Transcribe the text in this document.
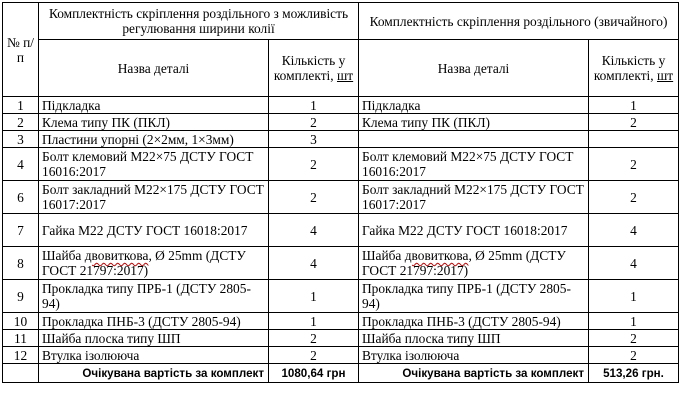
№ п/п	Комплектність скріплення роздільного з можливість регулювання ширини колії		Комплектність скріплення роздільного (звичайного)	
	Назва деталі	Кількість у комплекті, шт	Назва деталі	Кількість у комплекті, шт
1	Підкладка	1	Підкладка	1
2	Клема типу ПК (ПКЛ)	2	Клема типу ПК (ПКЛ)	2
3	Пластини упорні (2×2мм, 1×3мм)	3		
4	Болт клемовий М22×75 ДСТУ ГОСТ 16016:2017	2	Болт клемовий М22×75 ДСТУ ГОСТ 16016:2017	2
6	Болт закладний М22×175 ДСТУ ГОСТ 16017:2017	2	Болт закладний М22×175 ДСТУ ГОСТ 16017:2017	2
7	Гайка М22 ДСТУ ГОСТ 16018:2017	4	Гайка М22 ДСТУ ГОСТ 16018:2017	4
8	Шайба двовиткова, Ø 25mm (ДСТУ ГОСТ 21797:2017)	4	Шайба двовиткова, Ø 25mm (ДСТУ ГОСТ 21797:2017)	4
9	Прокладка типу ПРБ-1 (ДСТУ 2805-94)	1	Прокладка типу ПРБ-1 (ДСТУ 2805-94)	1
10	Прокладка ПНБ-3 (ДСТУ 2805-94)	1	Прокладка ПНБ-3 (ДСТУ 2805-94)	1
11	Шайба плоска типу ШП	2	Шайба плоска типу ШП	2
12	Втулка ізолююча	2	Втулка ізолююча	2
	Очікувана вартість за комплект	1080,64 грн	Очікувана вартість за комплект	513,26 грн.
